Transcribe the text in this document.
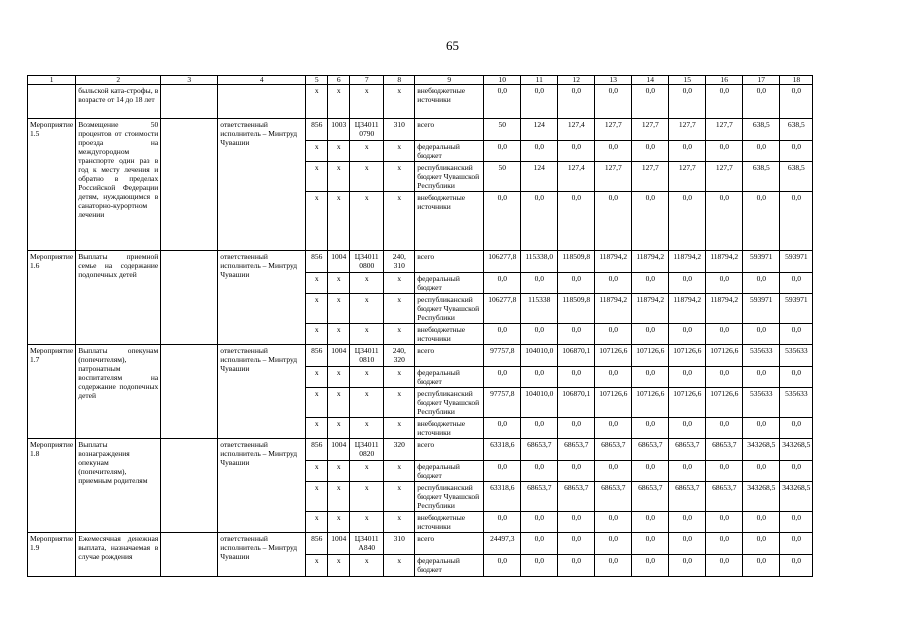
65
1	2	3	4	5	6	7	8	9	10	11	12	13	14	15	16	17	18
	быльской ката-строфы, в возрасте от 14 до 18 лет			x	x	x	x	внебюджетные источники	0,0	0,0	0,0	0,0	0,0	0,0	0,0	0,0	0,0
Мероприятие 1.5	Возмещение 50 процентов от стоимости проезда на междугородном транспорте один раз в год к месту лечения и обратно в пределах Российской Федерации детям, нуждающимся в санаторно-курортном лечении		ответственный исполнитель – Минтруд Чувашии	856	1003	Ц34011 0790	310	всего	50	124	127,4	127,7	127,7	127,7	127,7	638,5	638,5
				x	x	x	x	федеральный бюджет	0,0	0,0	0,0	0,0	0,0	0,0	0,0	0,0	0,0
				x	x	x	x	республиканский бюджет Чувашской Республики	50	124	127,4	127,7	127,7	127,7	127,7	638,5	638,5
				x	x	x	x	внебюджетные источники	0,0	0,0	0,0	0,0	0,0	0,0	0,0	0,0	0,0
Мероприятие 1.6	Выплаты приемной семье на содержание подопечных детей		ответственный исполнитель – Минтруд Чувашии	856	1004	Ц34011 0800	240, 310	всего	106277,8	115338,0	118509,8	118794,2	118794,2	118794,2	118794,2	593971	593971
				x	x	x	x	федеральный бюджет	0,0	0,0	0,0	0,0	0,0	0,0	0,0	0,0	0,0
				x	x	x	x	республиканский бюджет Чувашской Республики	106277,8	115338	118509,8	118794,2	118794,2	118794,2	118794,2	593971	593971
				x	x	x	x	внебюджетные источники	0,0	0,0	0,0	0,0	0,0	0,0	0,0	0,0	0,0
Мероприятие 1.7	Выплаты опекунам (попечителям), патронатным воспитателям на содержание подопечных детей		ответственный исполнитель – Минтруд Чувашии	856	1004	Ц34011 0810	240, 320	всего	97757,8	104010,0	106870,1	107126,6	107126,6	107126,6	107126,6	535633	535633
				x	x	x	x	федеральный бюджет	0,0	0,0	0,0	0,0	0,0	0,0	0,0	0,0	0,0
				x	x	x	x	республиканский бюджет Чувашской Республики	97757,8	104010,0	106870,1	107126,6	107126,6	107126,6	107126,6	535633	535633
				x	x	x	x	внебюджетные источники	0,0	0,0	0,0	0,0	0,0	0,0	0,0	0,0	0,0
Мероприятие 1.8	Выплаты вознаграждения опекунам (попечителям), приемным родителям		ответственный исполнитель – Минтруд Чувашии	856	1004	Ц34011 0820	320	всего	63318,6	68653,7	68653,7	68653,7	68653,7	68653,7	68653,7	343268,5	343268,5
				x	x	x	x	федеральный бюджет	0,0	0,0	0,0	0,0	0,0	0,0	0,0	0,0	0,0
				x	x	x	x	республиканский бюджет Чувашской Республики	63318,6	68653,7	68653,7	68653,7	68653,7	68653,7	68653,7	343268,5	343268,5
				x	x	x	x	внебюджетные источники	0,0	0,0	0,0	0,0	0,0	0,0	0,0	0,0	0,0
Мероприятие 1.9	Ежемесячная денежная выплата, назначаемая в случае рождения		ответственный исполнитель – Минтруд Чувашии	856	1004	Ц34011 А840	310	всего	24497,3	0,0	0,0	0,0	0,0	0,0	0,0	0,0	0,0
				x	x	x	x	федеральный бюджет	0,0	0,0	0,0	0,0	0,0	0,0	0,0	0,0	0,0
